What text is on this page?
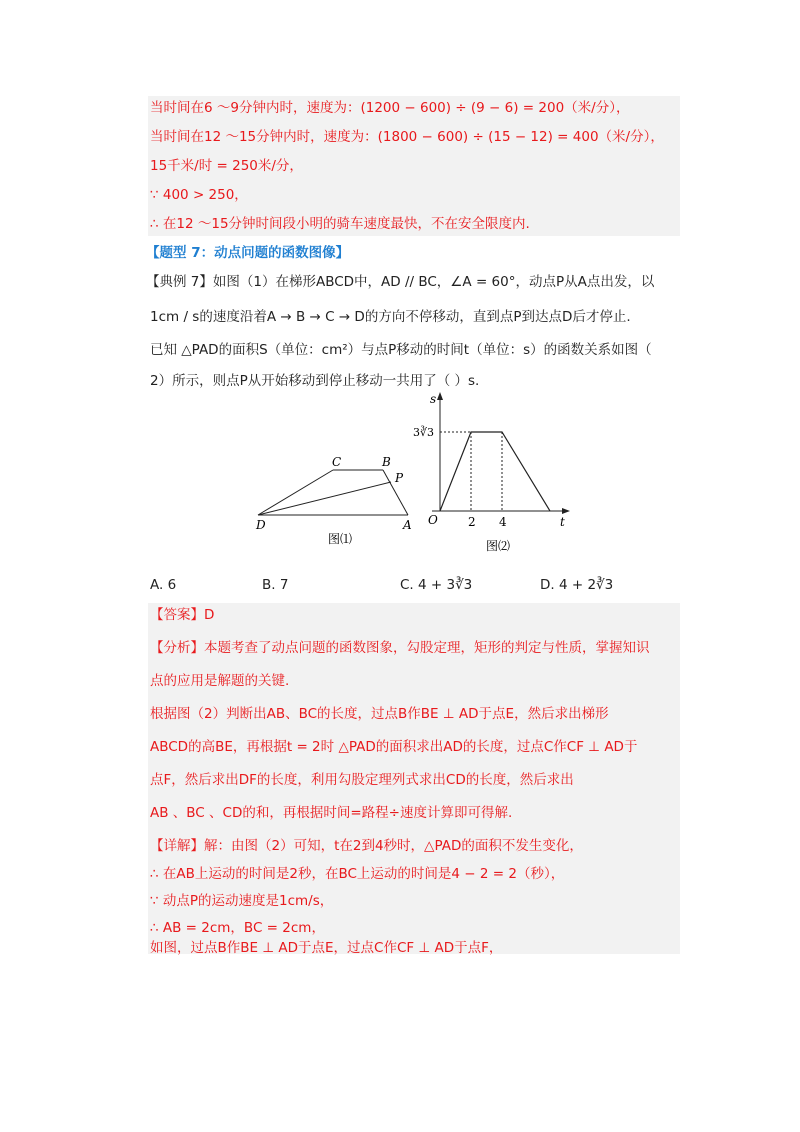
当时间在6 ～9分钟内时，速度为：(1200 − 600) ÷ (9 − 6) = 200（米/分），
当时间在12 ～15分钟内时，速度为：(1800 − 600) ÷ (15 − 12) = 400（米/分），
15千米/时 = 250米/分，
∵ 400 > 250，
∴ 在12 ～15分钟时间段小明的骑车速度最快，不在安全限度内.
【题型 7：动点问题的函数图像】
【典例 7】如图（1）在梯形ABCD中，AD // BC，∠A = 60°，动点P从A点出发，以
1cm / s的速度沿着A → B → C → D的方向不停移动，直到点P到达点D后才停止.
已知 △PAD的面积S（单位：cm²）与点P移动的时间t（单位：s）的函数关系如图（
2）所示，则点P从开始移动到停止移动一共用了（ ）s.
C	B
P
D	A
图⑴
s
t
O
3∛3
2 4
图⑵
A. 6	B. 7	C. 4 + 3∛3	D. 4 + 2∛3
【答案】D
【分析】本题考查了动点问题的函数图象，勾股定理，矩形的判定与性质，掌握知识
点的应用是解题的关键.
根据图（2）判断出AB、BC的长度，过点B作BE ⊥ AD于点E，然后求出梯形
ABCD的高BE，再根据t = 2时 △PAD的面积求出AD的长度，过点C作CF ⊥ AD于
点F，然后求出DF的长度，利用勾股定理列式求出CD的长度，然后求出
AB 、BC 、CD的和，再根据时间=路程÷速度计算即可得解.
【详解】解：由图（2）可知，t在2到4秒时，△PAD的面积不发生变化，
∴ 在AB上运动的时间是2秒，在BC上运动的时间是4 − 2 = 2（秒），
∵ 动点P的运动速度是1cm/s，
∴ AB = 2cm，BC = 2cm，
如图，过点B作BE ⊥ AD于点E，过点C作CF ⊥ AD于点F，
